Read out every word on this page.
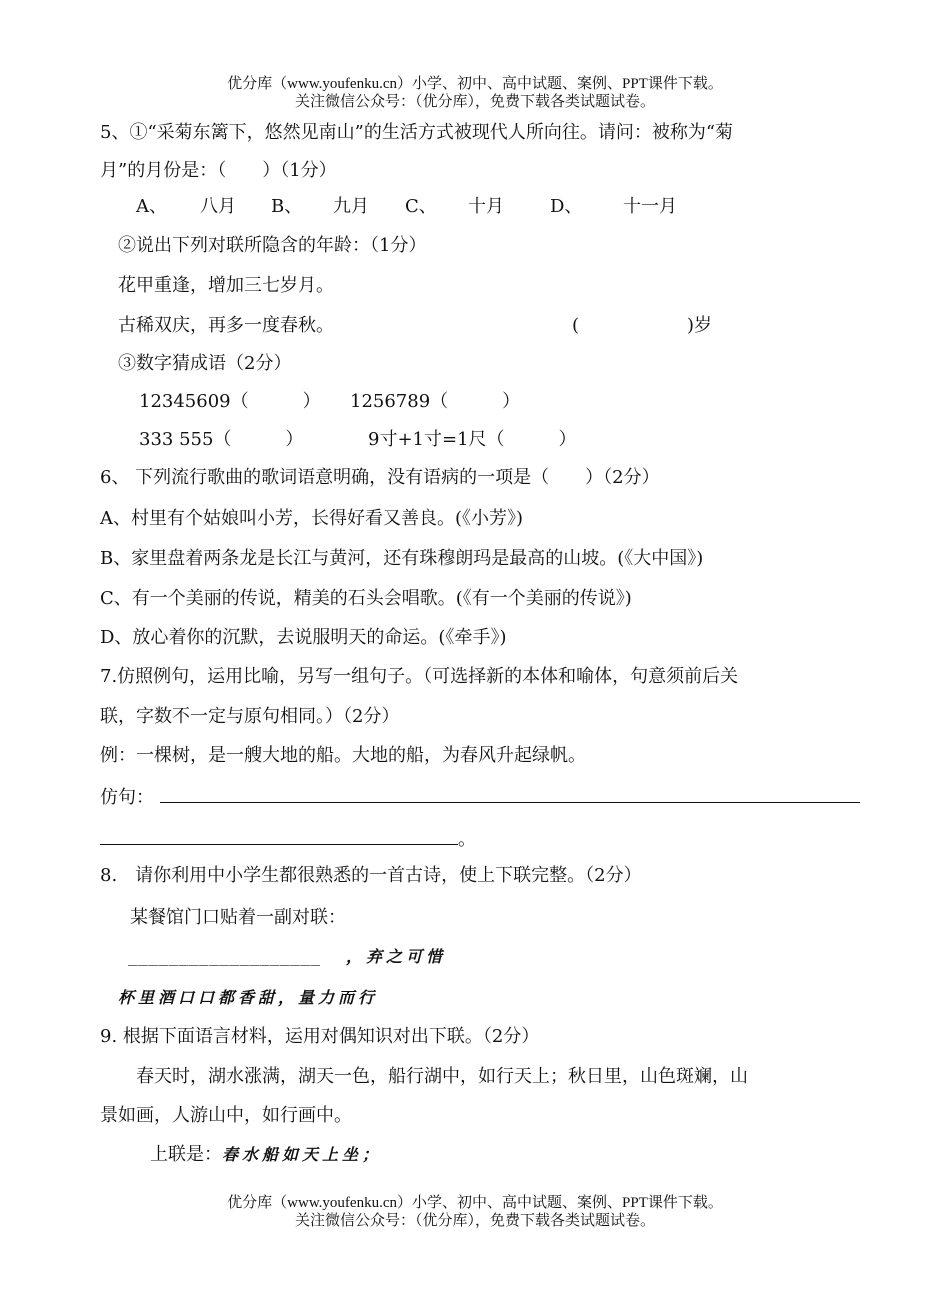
优分库（www.youfenku.cn）小学、初中、高中试题、案例、PPT课件下载。
关注微信公众号：（优分库），免费下载各类试题试卷。
5、①“采菊东篱下，悠然见南山”的生活方式被现代人所向往。请问：被称为“菊
月”的月份是：（　　）（1分）
A、 八月 B、 九月 C、 十月	D、 十一月
②说出下列对联所隐含的年龄：（1分）
花甲重逢，增加三七岁月。
古稀双庆，再多一度春秋。	(　　　　　　)岁
③数字猜成语（2分）
12345609（　　　） 1256789（　　　）
333 555（　　　）	9寸+1寸=1尺（　　　）
6、 下列流行歌曲的歌词语意明确，没有语病的一项是（　　）（2分）
A、村里有个姑娘叫小芳，长得好看又善良。(《小芳》)
B、家里盘着两条龙是长江与黄河，还有珠穆朗玛是最高的山坡。(《大中国》)
C、有一个美丽的传说，精美的石头会唱歌。(《有一个美丽的传说》)
D、放心着你的沉默，去说服明天的命运。(《牵手》)
7.仿照例句，运用比喻，另写一组句子。（可选择新的本体和喻体，句意须前后关
联，字数不一定与原句相同。）（2分）
例：一棵树，是一艘大地的船。大地的船，为春风升起绿帆。
仿句：
。
8.　请你利用中小学生都很熟悉的一首古诗，使上下联完整。（2分）
某餐馆门口贴着一副对联：
___________________ ，弃之可惜
杯里酒口口都香甜，量力而行
9. 根据下面语言材料，运用对偶知识对出下联。（2分）
春天时，湖水涨满，湖天一色，船行湖中，如行天上；秋日里，山色斑斓，山
景如画，人游山中，如行画中。
上联是： 春水船如天上坐；
优分库（www.youfenku.cn）小学、初中、高中试题、案例、PPT课件下载。
关注微信公众号：（优分库），免费下载各类试题试卷。
